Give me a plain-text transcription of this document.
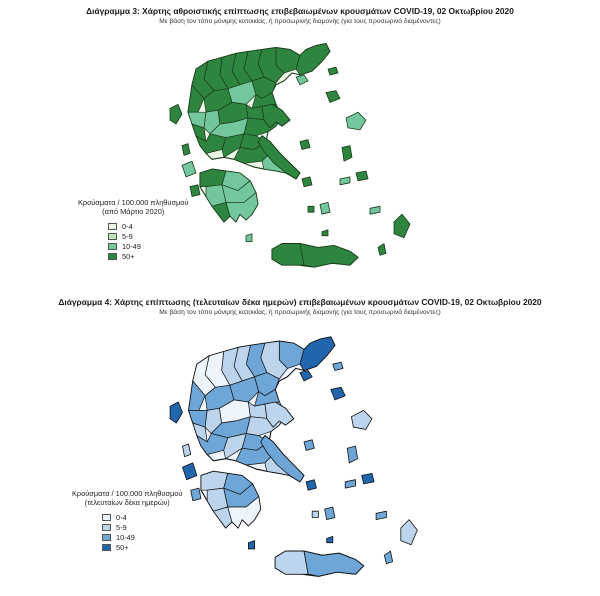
Διάγραμμα 3: Χάρτης αθροιστικής επίπτωσης επιβεβαιωμένων κρουσμάτων COVID-19, 02 Οκτωβρίου 2020
Με βάση τον τόπο μόνιμης κατοικίας, ή προσωρινής διαμονής (για τους προσωρινά διαμένοντες)
Κρούσματα / 100.000 πληθυσμού
(από Μάρτιο 2020)
0-4
5-9
10-49
50+
Διάγραμμα 4: Χάρτης επίπτωσης (τελευταίων δέκα ημερών) επιβεβαιωμένων κρουσμάτων COVID-19, 02 Οκτωβρίου 2020
Με βάση τον τόπο μόνιμης κατοικίας, ή προσωρινής διαμονής (για τους προσωρινά διαμένοντες)
Κρούσματα / 100.000 πληθυσμού
(τελευταίων δέκα ημερών)
0-4
5-9
10-49
50+
